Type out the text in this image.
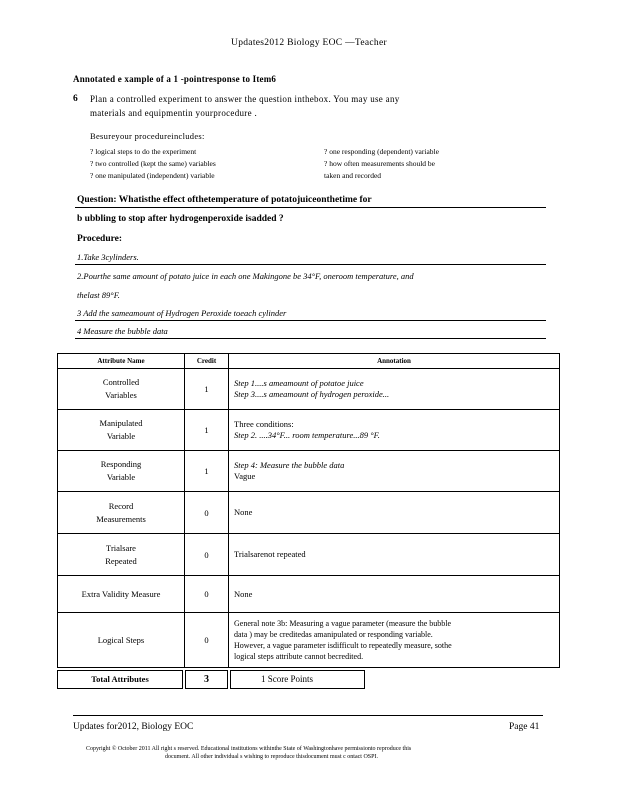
Updates2012 Biology EOC —Teacher
Annotated e xample of a 1 -pointresponse to Item6
6 Plan a controlled experiment to answer the question inthebox. You may use any
materials and equipmentin yourprocedure .
Besureyour procedureincludes:
? logical steps to do the experiment
? two controlled (kept the same) variables
? one manipulated (independent) variable
? one responding (dependent) variable
? how often measurements should be
taken and recorded
Question: Whatisthe effect ofthetemperature of potatojuiceonthetime for
b ubbling to stop after hydrogenperoxide isadded ?
Procedure:
1.Take 3cylinders.
2.Pourthe same amount of potato juice in each one Makingone be 34°F, oneroom temperature, and
thelast 89°F.
3 Add the sameamount of Hydrogen Peroxide toeach cylinder
4 Measure the bubble data
Attribute Name	Credit	Annotation
Controlled
Variables	1	Step 1....s ameamount of potatoe juice
Step 3....s ameamount of hydrogen peroxide...
Manipulated
Variable	1	Three conditions:
Step 2. ....34°F... room temperature...89 °F.
Responding
Variable	1	Step 4: Measure the bubble data
Vague
Record
Measurements	0	None
Trialsare
Repeated	0	Trialsarenot repeated
Extra Validity Measure	0	None
Logical Steps	0	General note 3b: Measuring a vague parameter (measure the bubble
data ) may be creditedas amanipulated or responding variable.
However, a vague parameter isdifficult to repeatedly measure, sothe
logical steps attribute cannot becredited.
Total Attributes	3	1 Score Points
Updates for2012, Biology EOC	Page 41
Copyright © October 2011 All right s reserved. Educational institutions withinthe State of Washingtonhave permissionto reproduce this
document. All other individual s wishing to reproduce thisdocument must c ontact OSPI.
